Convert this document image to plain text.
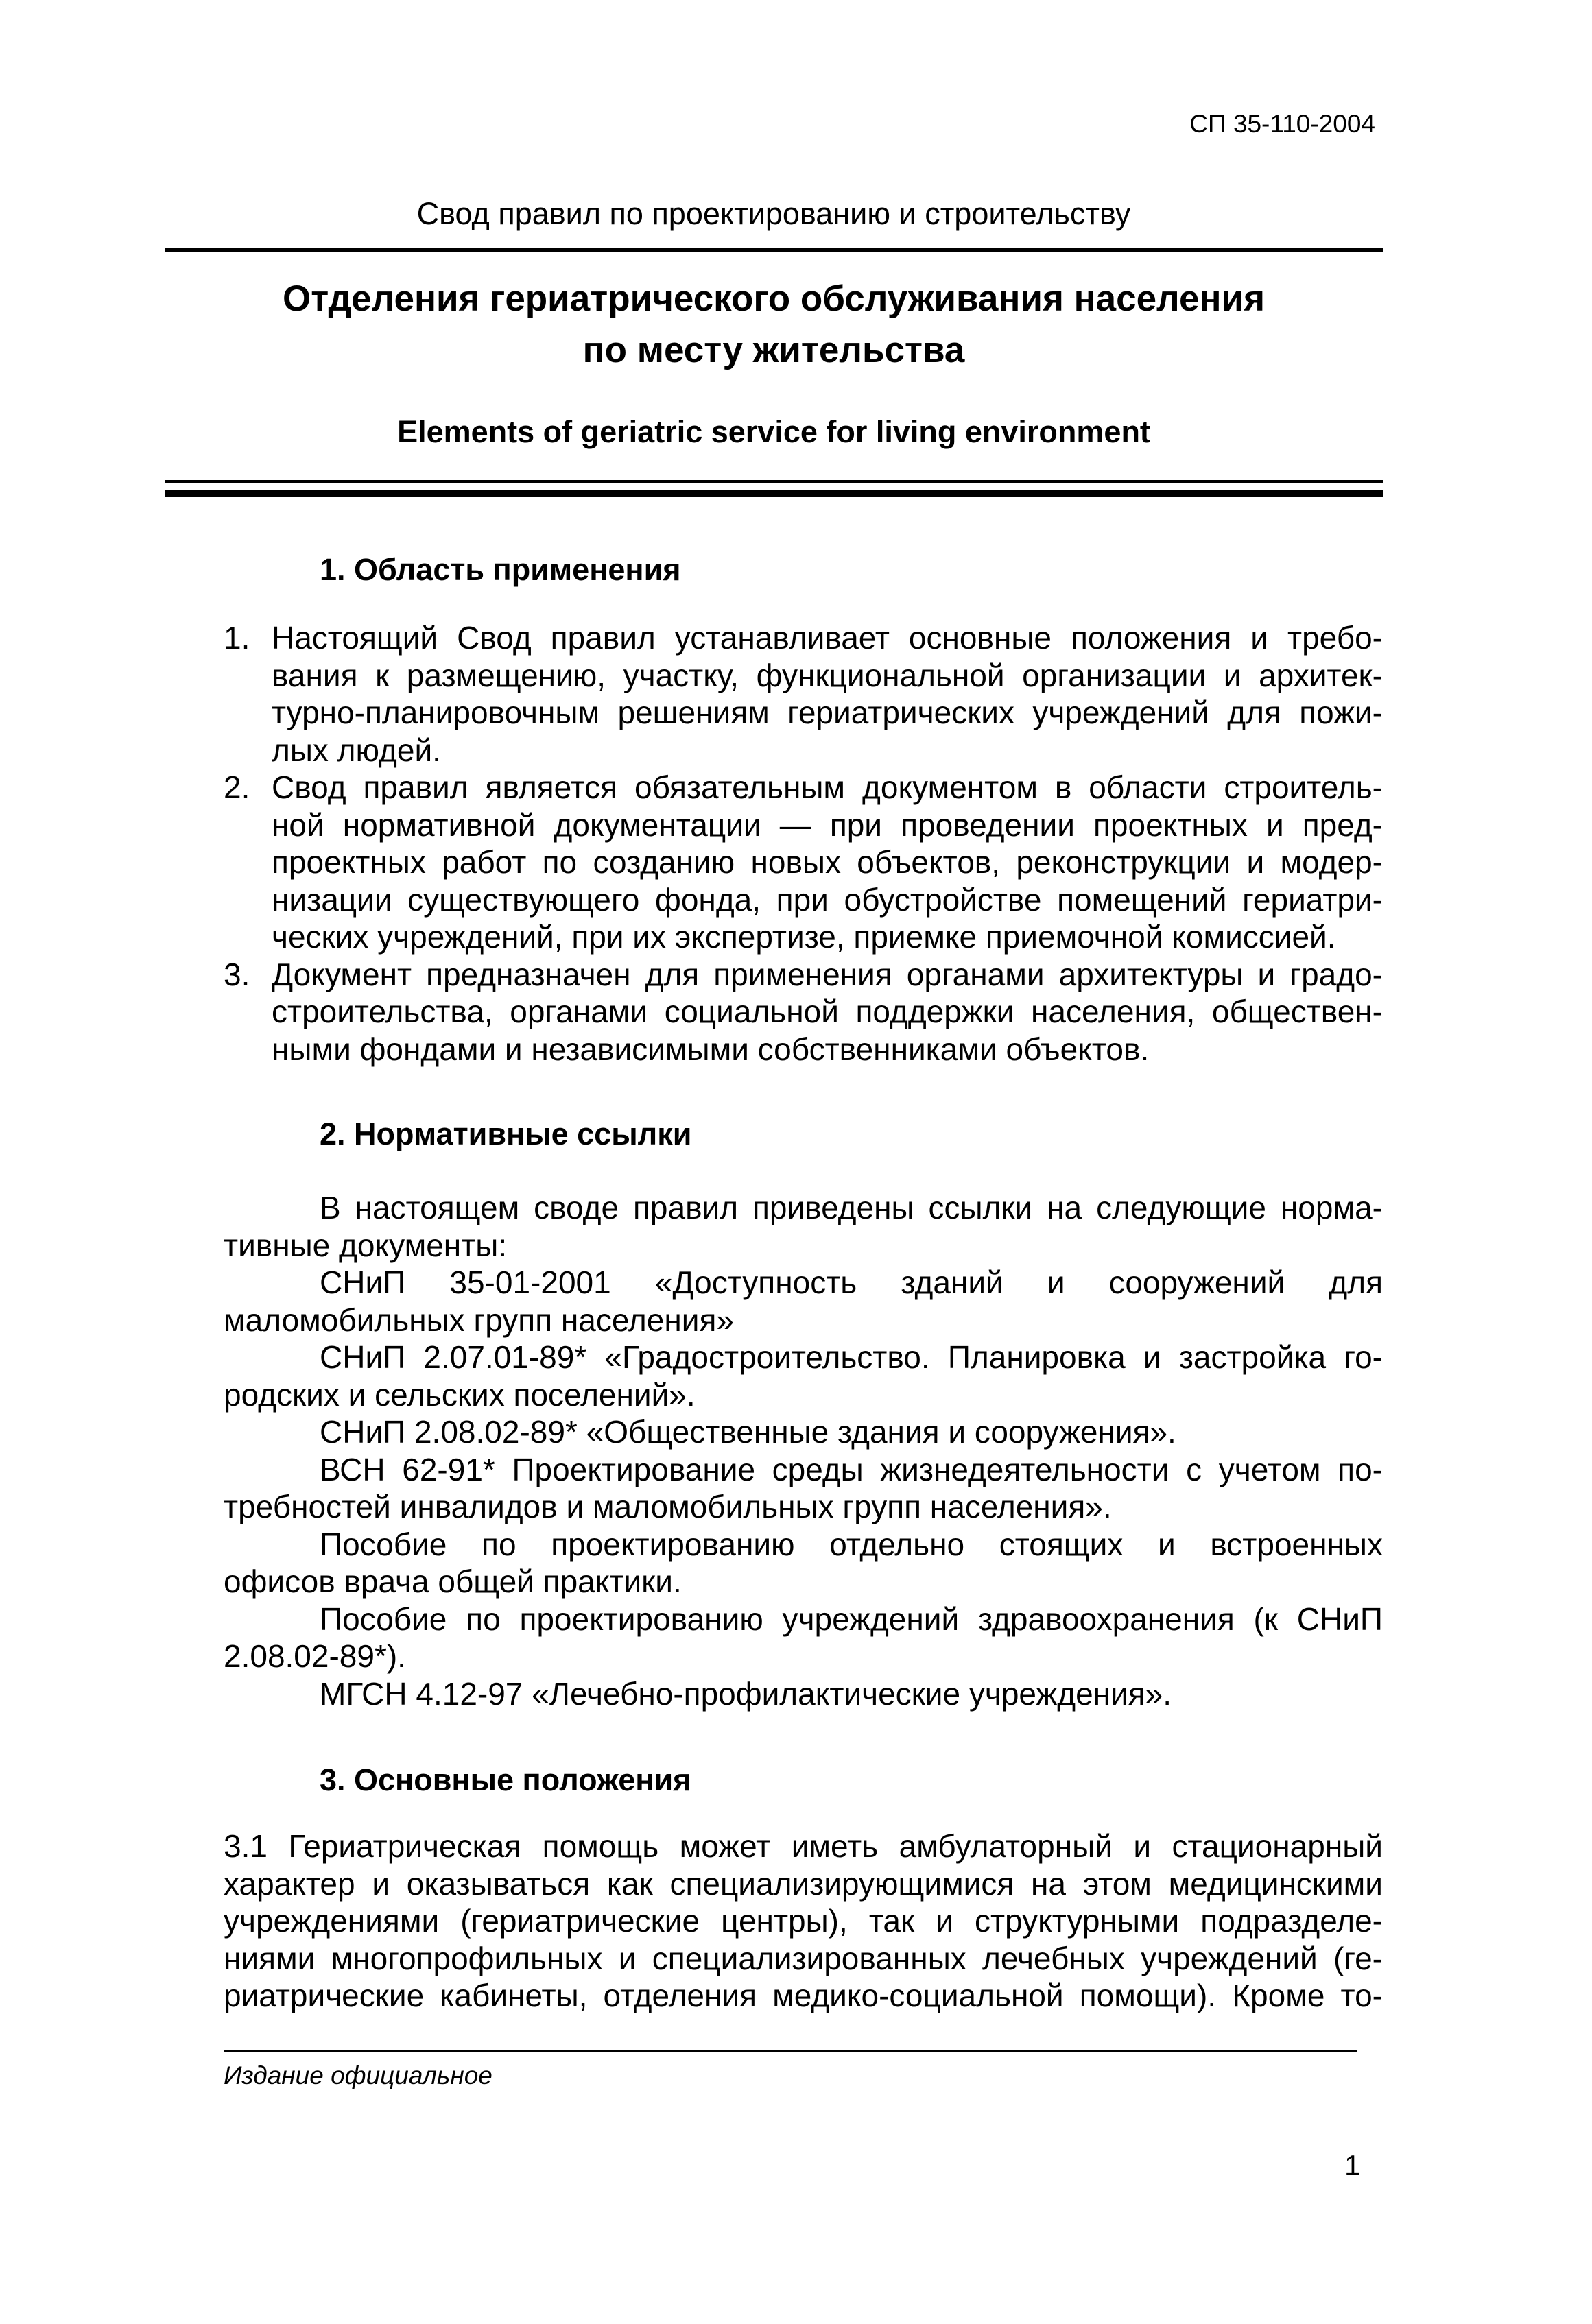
СП 35-110-2004
Свод правил по проектированию и строительству
Отделения гериатрического обслуживания населения
по месту жительства
Elements of geriatric service for living environment
1. Область применения
1. Настоящий Свод правил устанавливает основные положения и требо-
вания к размещению, участку, функциональной организации и архитек-
турно-планировочным решениям гериатрических учреждений для пожи-
лых людей.
2. Свод правил является обязательным документом в области строитель-
ной нормативной документации — при проведении проектных и пред-
проектных работ по созданию новых объектов, реконструкции и модер-
низации существующего фонда, при обустройстве помещений гериатри-
ческих учреждений, при их экспертизе, приемке приемочной комиссией.
3. Документ предназначен для применения органами архитектуры и градо-
строительства, органами социальной поддержки населения, обществен-
ными фондами и независимыми собственниками объектов.
2. Нормативные ссылки
В настоящем своде правил приведены ссылки на следующие норма-
тивные документы:
СНиП 35-01-2001 «Доступность зданий и сооружений для
маломобильных групп населения»
СНиП 2.07.01-89* «Градостроительство. Планировка и застройка го-
родских и сельских поселений».
СНиП 2.08.02-89* «Общественные здания и сооружения».
ВСН 62-91* Проектирование среды жизнедеятельности с учетом по-
требностей инвалидов и маломобильных групп населения».
Пособие по проектированию отдельно стоящих и встроенных
офисов врача общей практики.
Пособие по проектированию учреждений здравоохранения (к СНиП
2.08.02-89*).
МГСН 4.12-97 «Лечебно-профилактические учреждения».
3. Основные положения
3.1 Гериатрическая помощь может иметь амбулаторный и стационарный
характер и оказываться как специализирующимися на этом медицинскими
учреждениями (гериатрические центры), так и структурными подразделе-
ниями многопрофильных и специализированных лечебных учреждений (ге-
риатрические кабинеты, отделения медико-социальной помощи). Кроме то-
Издание официальное
1
